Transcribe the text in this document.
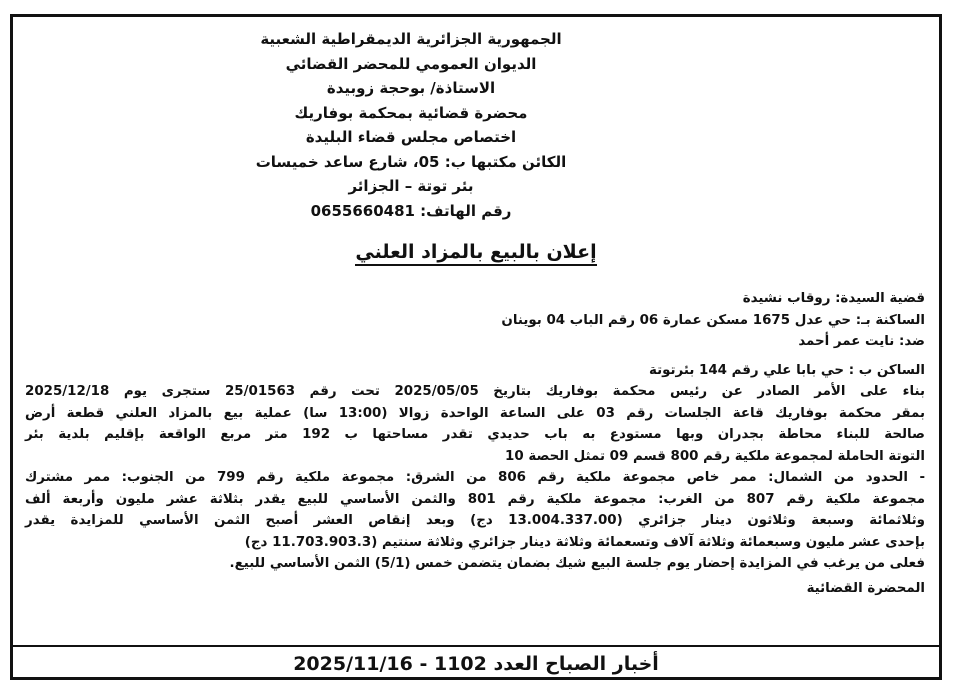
الجمهورية الجزائرية الديمقراطية الشعبية
الديوان العمومي للمحضر القضائي
الاستاذة/ بوحجة زوبيدة
محضرة قضائية بمحكمة بوفاريك
اختصاص مجلس قضاء البليدة
الكائن مكتبها ب: 05، شارع ساعد خميسات
بئر توتة – الجزائر
رقم الهاتف: 0655660481
إعلان بالبيع بالمزاد العلني
قضية السيدة: روقاب نشيدة
الساكنة بـ: حي عدل 1675 مسكن عمارة 06 رقم الباب 04 بوينان
ضد: نايت عمر أحمد
الساكن ب : حي بابا علي رقم 144 بئرتوتة
بناء على الأمر الصادر عن رئيس محكمة بوفاريك بتاريخ 2025/05/05 تحت رقم 25/01563 ستجرى يوم 2025/12/18
بمقر محكمة بوفاريك قاعة الجلسات رقم 03 على الساعة الواحدة زوالا (13:00 سا) عملية بيع بالمزاد العلني قطعة أرض
صالحة للبناء محاطة بجدران وبها مستودع به باب حديدي تقدر مساحتها ب 192 متر مربع الواقعة بإقليم بلدية بئر
التوتة الحاملة لمجموعة ملكية رقم 800 قسم 09 تمثل الحصة 10
- الحدود من الشمال: ممر خاص مجموعة ملكية رقم 806 من الشرق: مجموعة ملكية رقم 799 من الجنوب: ممر مشترك
مجموعة ملكية رقم 807 من الغرب: مجموعة ملكية رقم 801 والثمن الأساسي للبيع يقدر بثلاثة عشر مليون وأربعة ألف
وثلاثمائة وسبعة وثلاثون دينار جزائري (13.004.337.00 دج) وبعد إنقاص العشر أصبح الثمن الأساسي للمزايدة يقدر
بإحدى عشر مليون وسبعمائة وثلاثة آلاف وتسعمائة وثلاثة دينار جزائري وثلاثة سنتيم (11.703.903.3 دج)
فعلى من يرغب في المزايدة إحضار يوم جلسة البيع شيك بضمان يتضمن خمس (5/1) الثمن الأساسي للبيع.
المحضرة القضائية
أخبار الصباح العدد 1102 - 2025/11/16
